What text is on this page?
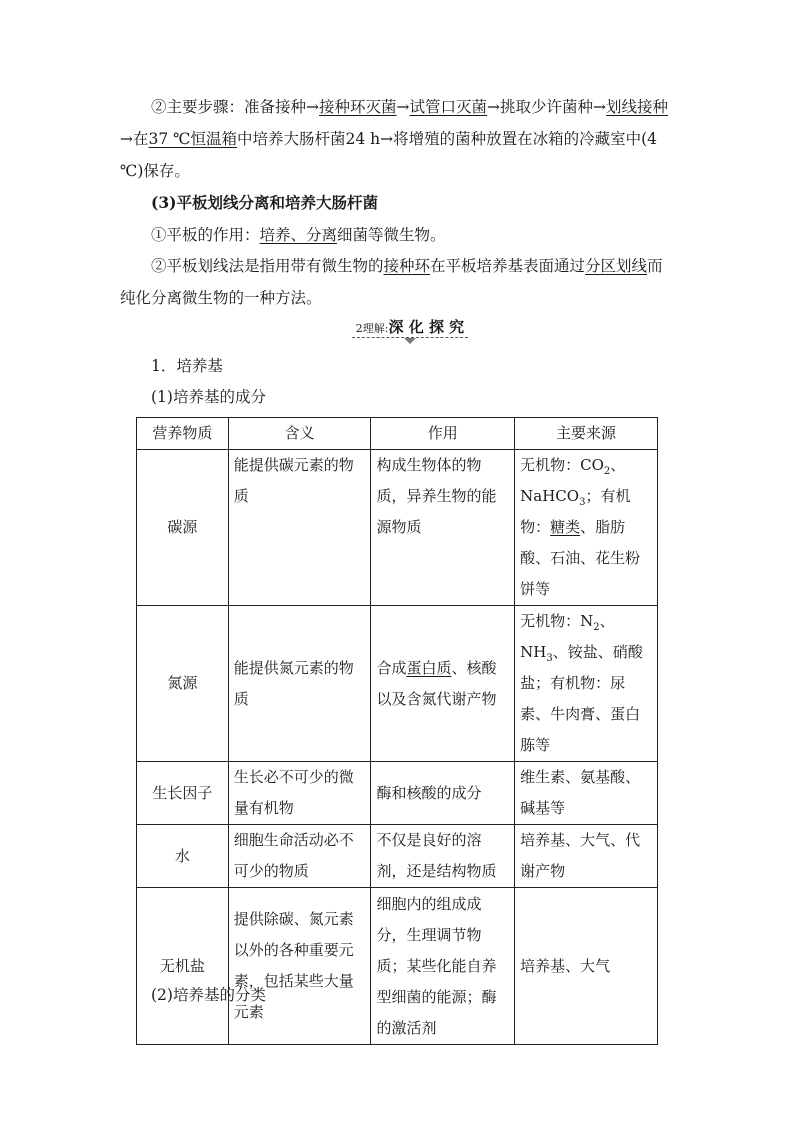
②主要步骤：准备接种→接种环灭菌→试管口灭菌→挑取少许菌种→划线接种→在37 ℃恒温箱中培养大肠杆菌24 h→将增殖的菌种放置在冰箱的冷藏室中(4 ℃)保存。

(3)平板划线分离和培养大肠杆菌

①平板的作用：培养、分离细菌等微生物。

②平板划线法是指用带有微生物的接种环在平板培养基表面通过分区划线而纯化分离微生物的一种方法。

2理解:深 化 探 究

1．培养基

(1)培养基的成分

营养物质	含义	作用	主要来源
碳源	能提供碳元素的物质	构成生物体的物质，异养生物的能源物质	无机物：$CO_2$、NaHCO$_3$；有机物：糖类、脂肪酸、石油、花生粉饼等
氮源	能提供氮元素的物质	合成蛋白质、核酸以及含氮代谢产物	无机物：$N_2$、$NH_3$、铵盐、硝酸盐；有机物：尿素、牛肉膏、蛋白胨等
生长因子	生长必不可少的微量有机物	酶和核酸的成分	维生素、氨基酸、碱基等
水	细胞生命活动必不可少的物质	不仅是良好的溶剂，还是结构物质	培养基、大气、代谢产物
无机盐	提供除碳、氮元素以外的各种重要元素，包括某些大量元素	细胞内的组成成分，生理调节物质；某些化能自养型细菌的能源；酶的激活剂	培养基、大气

(2)培养基的分类
